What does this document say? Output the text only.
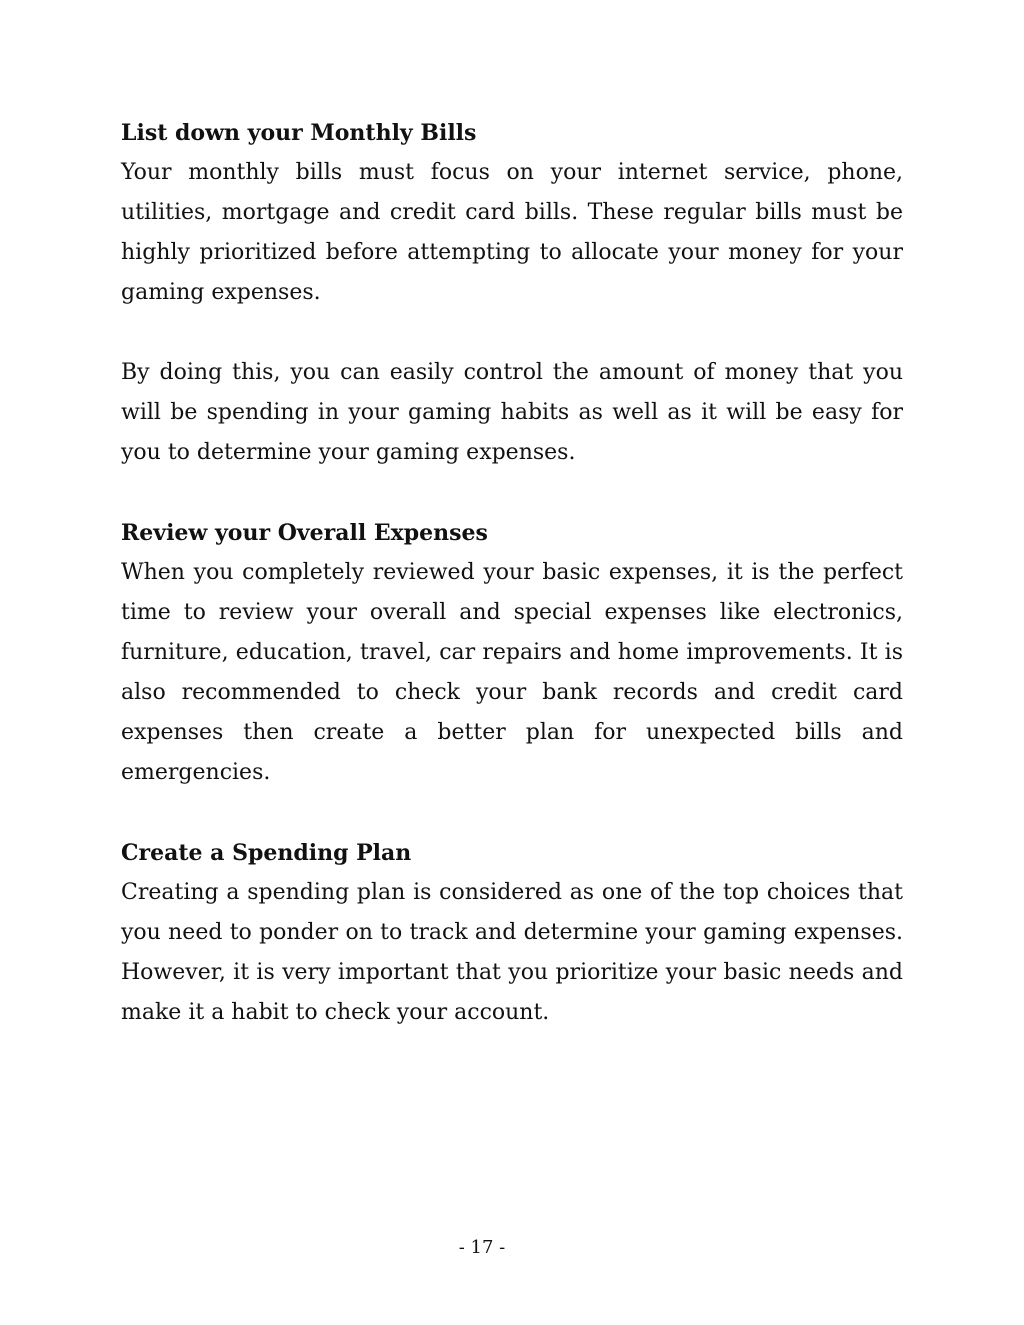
List down your Monthly Bills

Your monthly bills must focus on your internet service, phone, utilities, mortgage and credit card bills. These regular bills must be highly prioritized before attempting to allocate your money for your gaming expenses.

By doing this, you can easily control the amount of money that you will be spending in your gaming habits as well as it will be easy for you to determine your gaming expenses.

Review your Overall Expenses

When you completely reviewed your basic expenses, it is the perfect time to review your overall and special expenses like electronics, furniture, education, travel, car repairs and home improvements. It is also recommended to check your bank records and credit card expenses then create a better plan for unexpected bills and emergencies.

Create a Spending Plan

Creating a spending plan is considered as one of the top choices that you need to ponder on to track and determine your gaming expenses. However, it is very important that you prioritize your basic needs and make it a habit to check your account.

- 17 -
